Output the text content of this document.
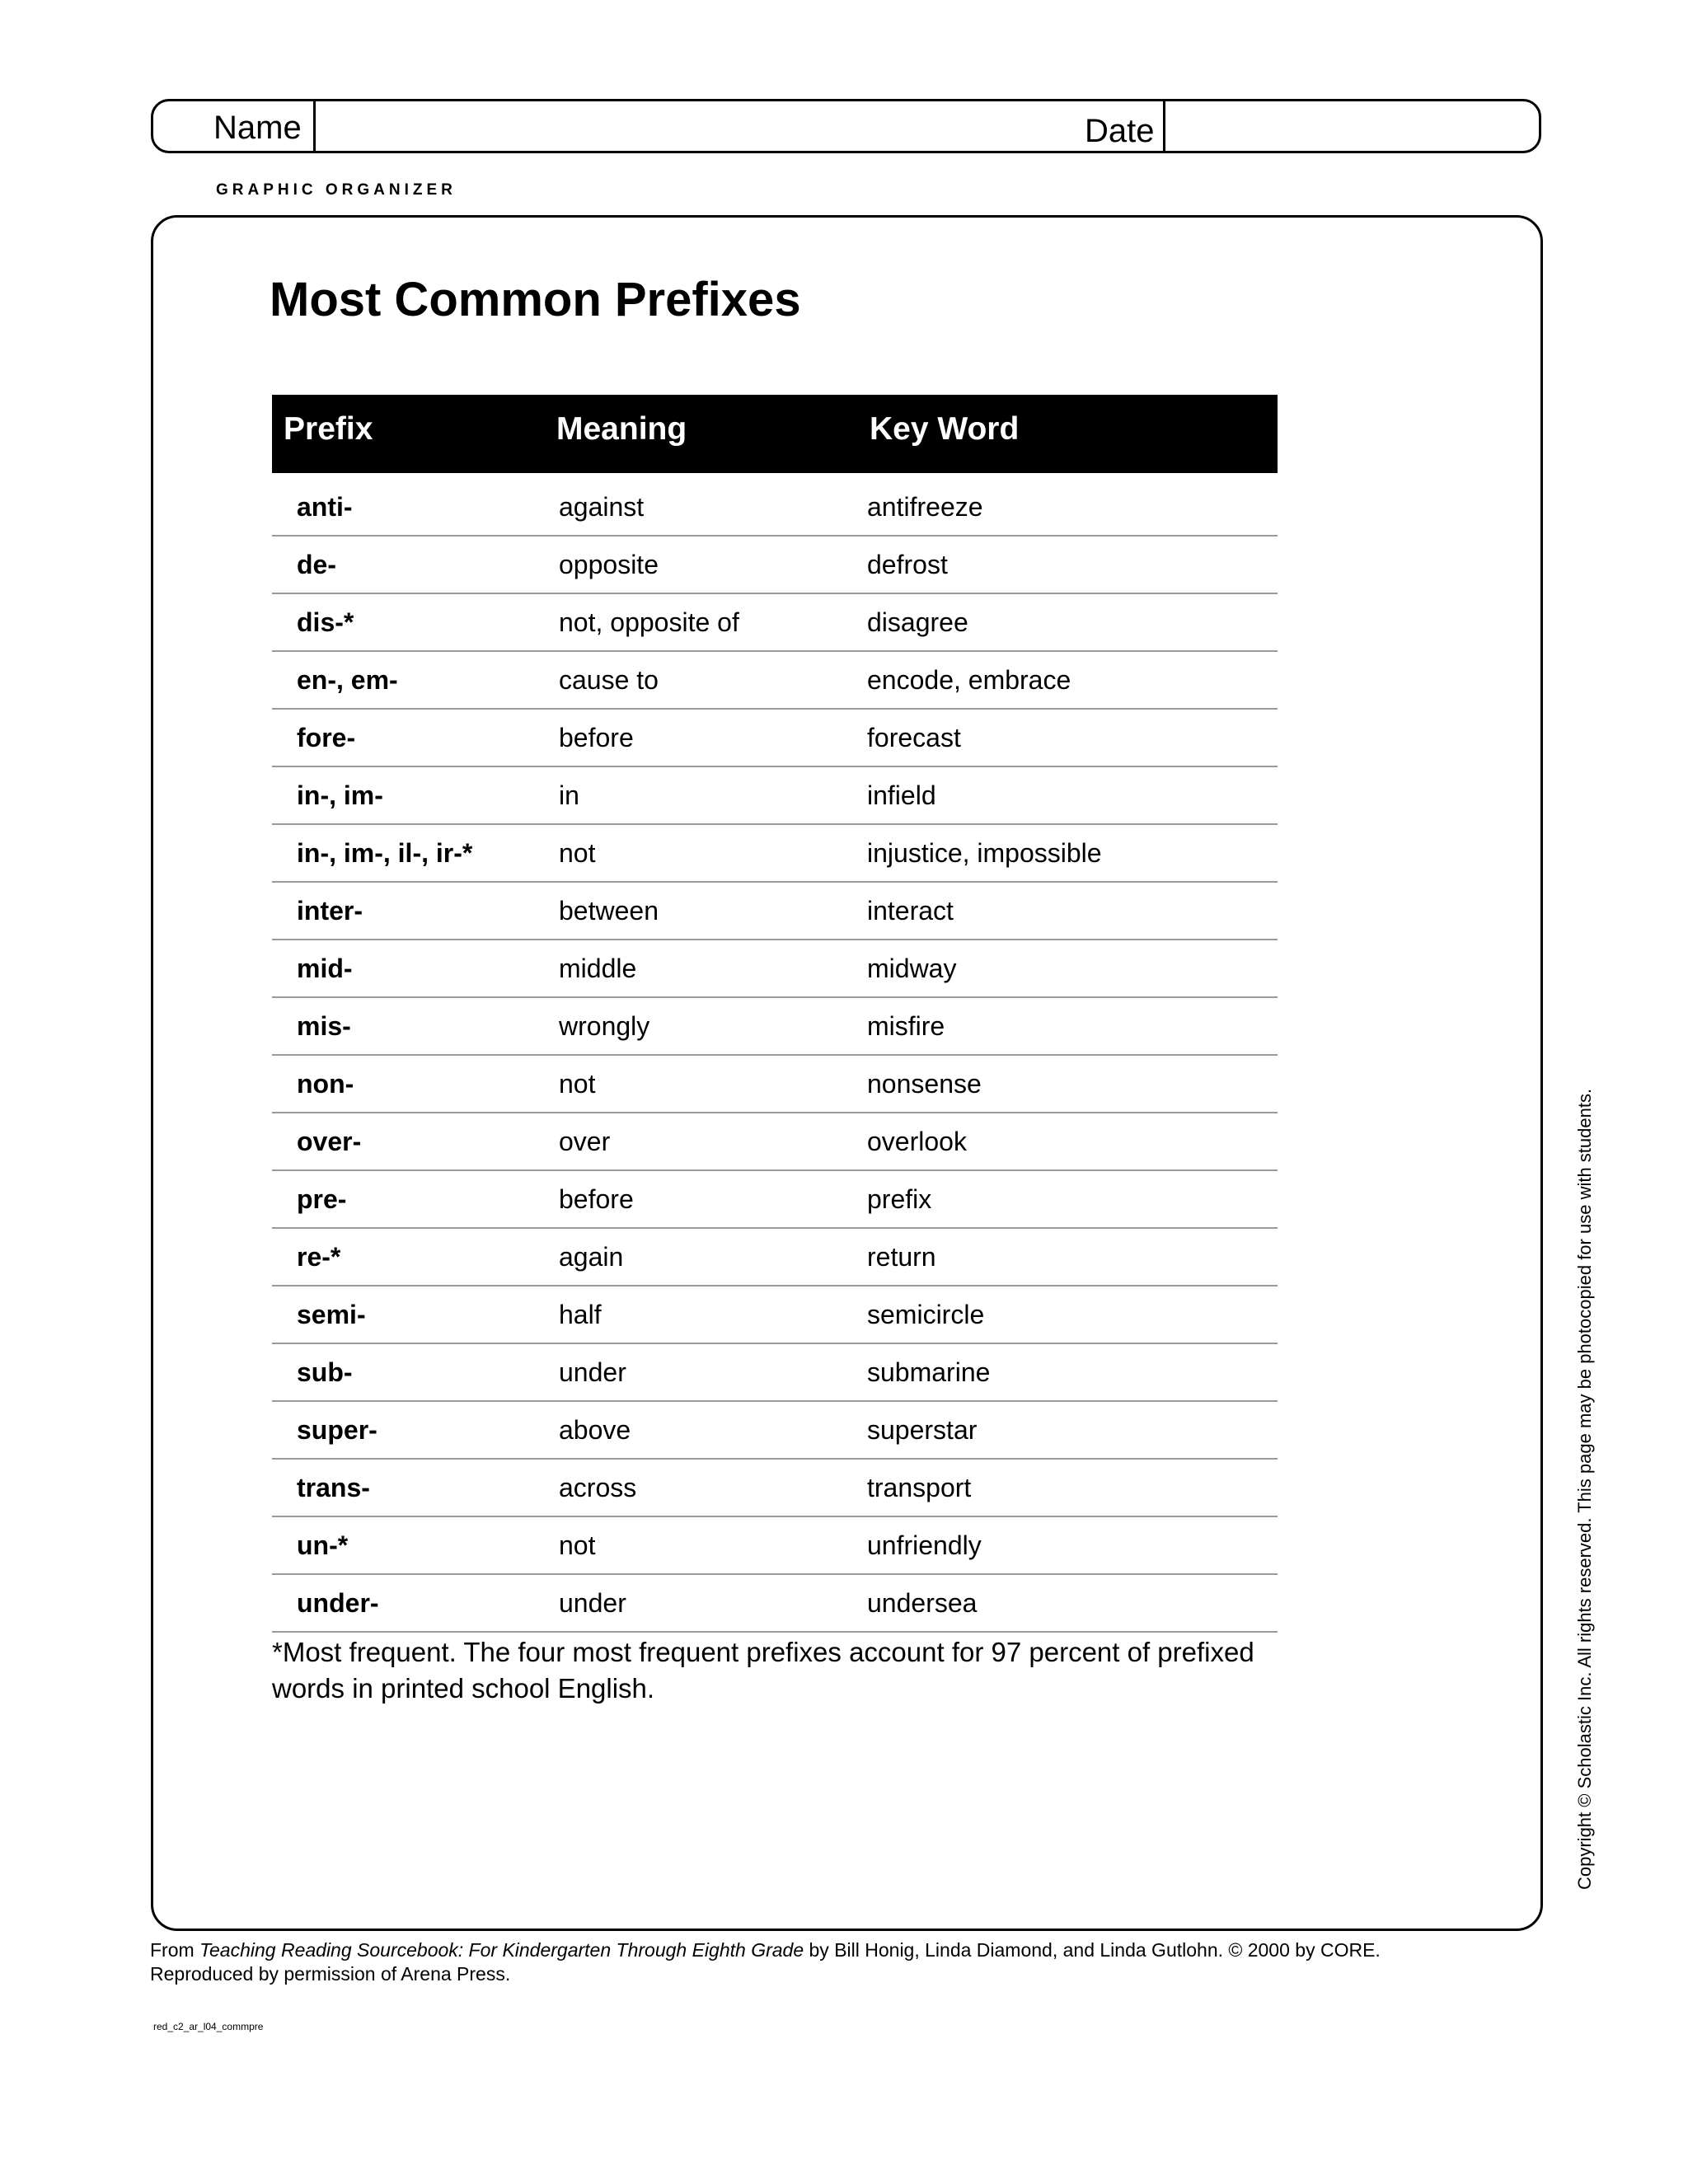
Name	Date
GRAPHIC ORGANIZER
Most Common Prefixes
Prefix	Meaning	Key Word
anti-	against	antifreeze
de-	opposite	defrost
dis-*	not, opposite of	disagree
en-, em-	cause to	encode, embrace
fore-	before	forecast
in-, im-	in	infield
in-, im-, il-, ir-*	not	injustice, impossible
inter-	between	interact
mid-	middle	midway
mis-	wrongly	misfire
non-	not	nonsense
over-	over	overlook
pre-	before	prefix
re-*	again	return
semi-	half	semicircle
sub-	under	submarine
super-	above	superstar
trans-	across	transport
un-*	not	unfriendly
under-	under	undersea

*Most frequent. The four most frequent prefixes account for 97 percent of prefixed words in printed school English.	Copyright © Scholastic Inc. All rights reserved. This page may be photocopied for use with students.

From Teaching Reading Sourcebook: For Kindergarten Through Eighth Grade by Bill Honig, Linda Diamond, and Linda Gutlohn. © 2000 by CORE.
Reproduced by permission of Arena Press.

red_c2_ar_l04_commpre
